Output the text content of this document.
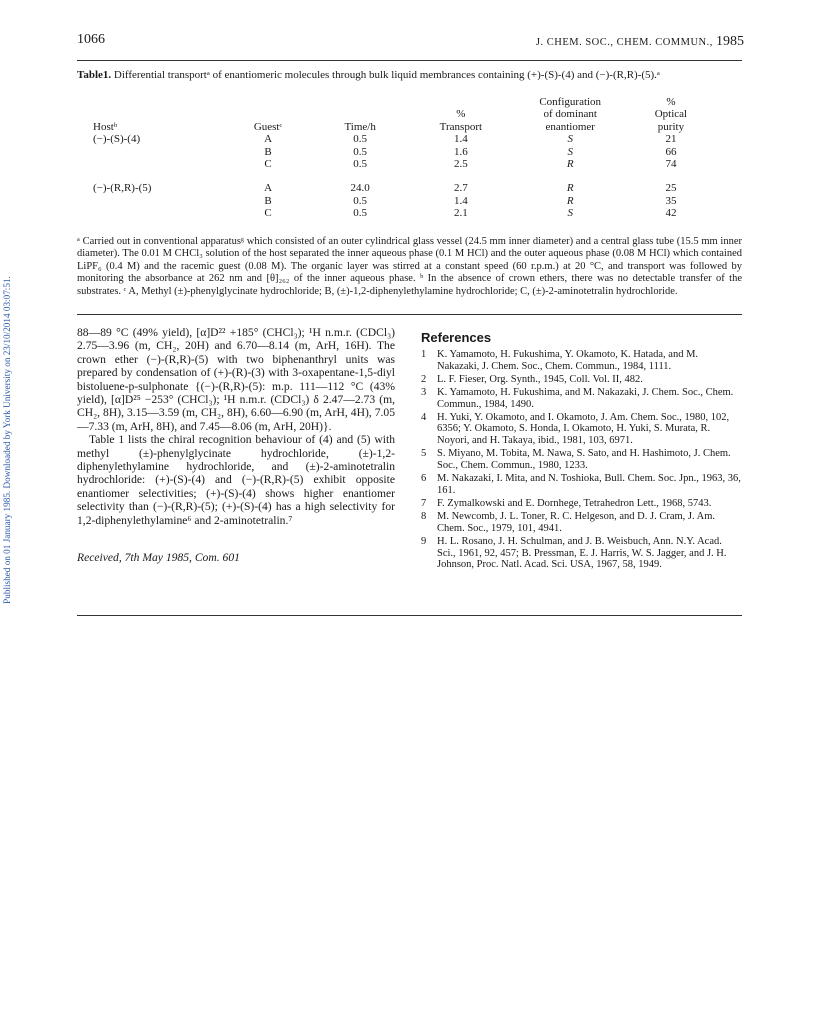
Published on 01 January 1985. Downloaded by York University on 23/10/2014 03:07:51.
1066	J. CHEM. SOC., CHEM. COMMUN., 1985
Table1. Differential transportᵃ of enantiomeric molecules through bulk liquid membrances containing (+)-(S)-(4) and (−)-(R,R)-(5).ᵃ
				Configuration	%
			%	of dominant	Optical
Hostᵇ	Guestᶜ	Time/h	Transport	enantiomer	purity
(−)-(S)-(4)	A	0.5	1.4	S	21
	B	0.5	1.6	S	66
	C	0.5	2.5	R	74

(−)-(R,R)-(5)	A	24.0	2.7	R	25
	B	0.5	1.4	R	35
	C	0.5	2.1	S	42
ᵃ Carried out in conventional apparatusᵍ which consisted of an outer cylindrical glass vessel (24.5 mm inner diameter) and a central glass tube (15.5 mm inner diameter). The 0.01 M CHCl₃ solution of the host separated the inner aqueous phase (0.1 M HCl) and the outer aqueous phase (0.08 M HCl) which contained LiPF₆ (0.4 M) and the racemic guest (0.08 M). The organic layer was stirred at a constant speed (60 r.p.m.) at 20 °C, and transport was followed by monitoring the absorbance at 262 nm and [θ]₂₆₂ of the inner aqueous phase. ᵇ In the absence of crown ethers, there was no detectable transfer of the substrates. ᶜ A, Methyl (±)-phenylglycinate hydrochloride; B, (±)-1,2-diphenylethylamine hydrochloride; C, (±)-2-aminotetralin hydrochloride.

88—89 °C (49% yield), [α]D²² +185° (CHCl₃); ¹H n.m.r. (CDCl₃) 2.75—3.96 (m, CH₂, 20H) and 6.70—8.14 (m, ArH, 16H). The crown ether (−)-(R,R)-(5) with two biphenanthryl units was prepared by condensation of (+)-(R)-(3) with 3-oxapentane-1,5-diyl bistoluene-p-sulphonate {(−)-(R,R)-(5): m.p. 111—112 °C (43% yield), [α]D²⁵ −253° (CHCl₃); ¹H n.m.r. (CDCl₃) δ 2.47—2.73 (m, CH₂, 8H), 3.15—3.59 (m, CH₂, 8H), 6.60—6.90 (m, ArH, 4H), 7.05—7.33 (m, ArH, 8H), and 7.45—8.06 (m, ArH, 20H)}.

Table 1 lists the chiral recognition behaviour of (4) and (5) with methyl (±)-phenylglycinate hydrochloride, (±)-1,2-diphenylethylamine hydrochloride, and (±)-2-aminotetralin hydrochloride: (+)-(S)-(4) and (−)-(R,R)-(5) exhibit opposite enantiomer selectivities; (+)-(S)-(4) shows higher enantiomer selectivity than (−)-(R,R)-(5); (+)-(S)-(4) has a high selectivity for 1,2-diphenylethylamine⁶ and 2-aminotetralin.⁷

Received, 7th May 1985, Com. 601
References
1 K. Yamamoto, H. Fukushima, Y. Okamoto, K. Hatada, and M. Nakazaki, J. Chem. Soc., Chem. Commun., 1984, 1111.
2 L. F. Fieser, Org. Synth., 1945, Coll. Vol. II, 482.
3 K. Yamamoto, H. Fukushima, and M. Nakazaki, J. Chem. Soc., Chem. Commun., 1984, 1490.
4 H. Yuki, Y. Okamoto, and I. Okamoto, J. Am. Chem. Soc., 1980, 102, 6356; Y. Okamoto, S. Honda, I. Okamoto, H. Yuki, S. Murata, R. Noyori, and H. Takaya, ibid., 1981, 103, 6971.
5 S. Miyano, M. Tobita, M. Nawa, S. Sato, and H. Hashimoto, J. Chem. Soc., Chem. Commun., 1980, 1233.
6 M. Nakazaki, I. Mita, and N. Toshioka, Bull. Chem. Soc. Jpn., 1963, 36, 161.
7 F. Zymalkowski and E. Dornhege, Tetrahedron Lett., 1968, 5743.
8 M. Newcomb, J. L. Toner, R. C. Helgeson, and D. J. Cram, J. Am. Chem. Soc., 1979, 101, 4941.
9 H. L. Rosano, J. H. Schulman, and J. B. Weisbuch, Ann. N.Y. Acad. Sci., 1961, 92, 457; B. Pressman, E. J. Harris, W. S. Jagger, and J. H. Johnson, Proc. Natl. Acad. Sci. USA, 1967, 58, 1949.
